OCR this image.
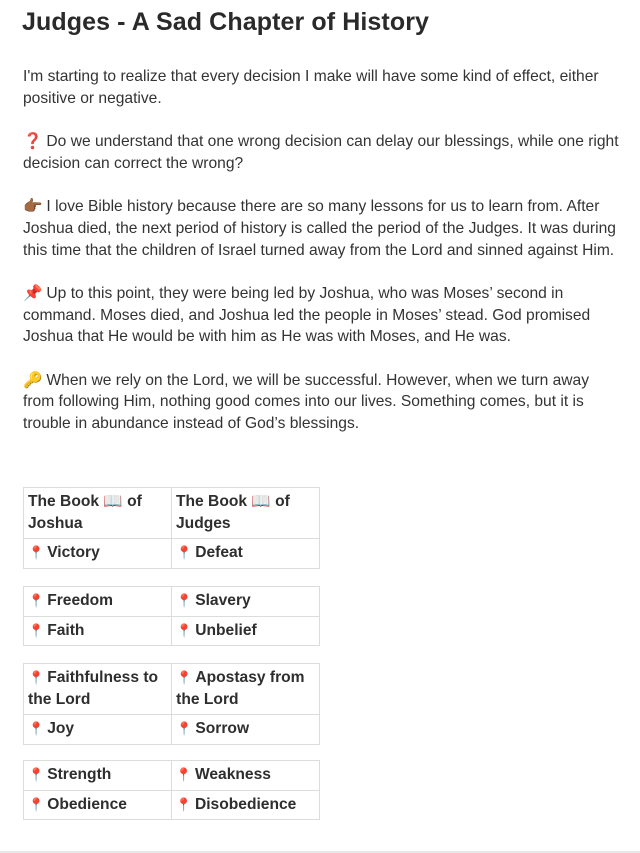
Judges - A Sad Chapter of History

I'm starting to realize that every decision I make will have some kind of effect, either positive or negative.

❓ Do we understand that one wrong decision can delay our blessings, while one right decision can correct the wrong?

👉🏾 I love Bible history because there are so many lessons for us to learn from. After Joshua died, the next period of history is called the period of the Judges. It was during this time that the children of Israel turned away from the Lord and sinned against Him.

📌 Up to this point, they were being led by Joshua, who was Moses’ second in command. Moses died, and Joshua led the people in Moses’ stead. God promised Joshua that He would be with him as He was with Moses, and He was.

🔑 When we rely on the Lord, we will be successful. However, when we turn away from following Him, nothing good comes into our lives. Something comes, but it is trouble in abundance instead of God’s blessings.

The Book 📖 of Joshua	The Book 📖 of Judges
📍 Victory	📍 Defeat
📍 Freedom	📍 Slavery
📍 Faith	📍 Unbelief
📍 Faithfulness to the Lord	📍 Apostasy from the Lord
📍 Joy	📍 Sorrow
📍 Strength	📍 Weakness
📍 Obedience	📍 Disobedience
